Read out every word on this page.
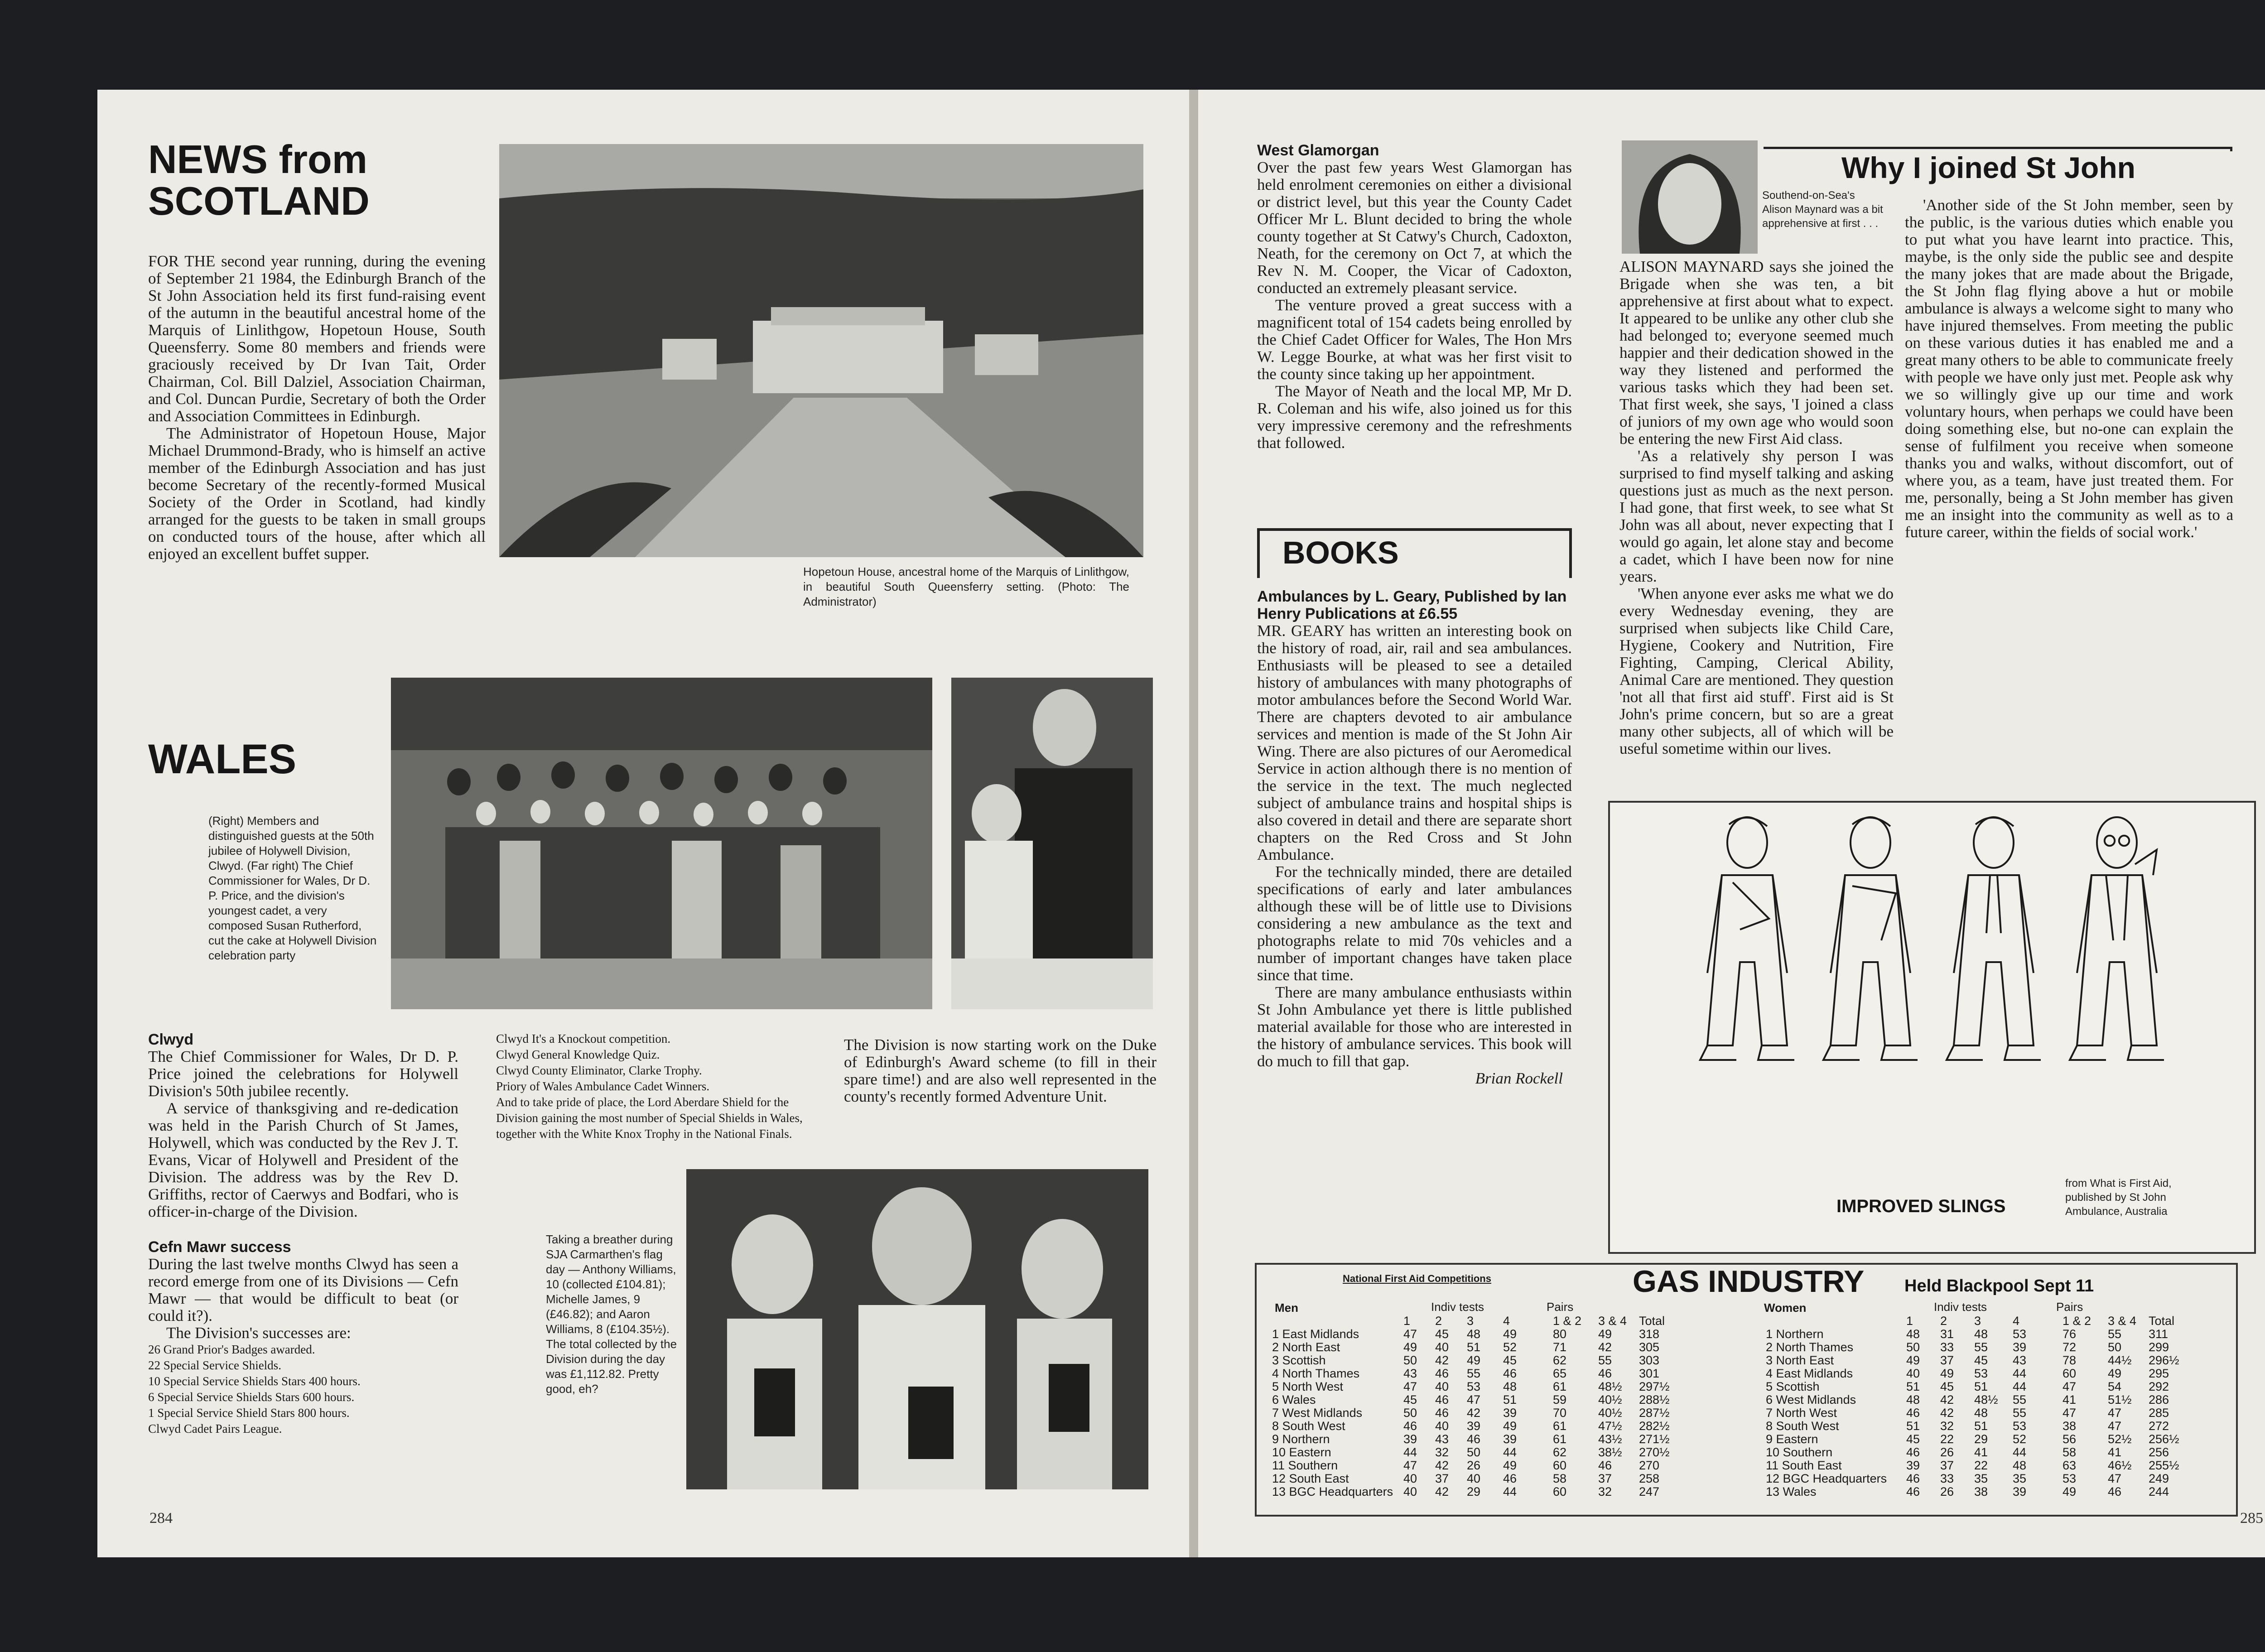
NEWS from
SCOTLAND

FOR THE second year running, during the evening of September 21 1984, the Edinburgh Branch of the St John Association held its first fund-raising event of the autumn in the beautiful ancestral home of the Marquis of Linlithgow, Hopetoun House, South Queensferry. Some 80 members and friends were graciously received by Dr Ivan Tait, Order Chairman, Col. Bill Dalziel, Association Chairman, and Col. Duncan Purdie, Secretary of both the Order and Association Committees in Edinburgh.

The Administrator of Hopetoun House, Major Michael Drummond-Brady, who is himself an active member of the Edinburgh Association and has just become Secretary of the recently-formed Musical Society of the Order in Scotland, had kindly arranged for the guests to be taken in small groups on conducted tours of the house, after which all enjoyed an excellent buffet supper.

Hopetoun House, ancestral home of the Marquis of Linlithgow, in beautiful South Queensferry setting. (Photo: The Administrator)
WALES
(Right) Members and distinguished guests at the 50th jubilee of Holywell Division, Clwyd. (Far right) The Chief Commissioner for Wales, Dr D. P. Price, and the division's youngest cadet, a very composed Susan Rutherford, cut the cake at Holywell Division celebration party
Clwyd

The Chief Commissioner for Wales, Dr D. P. Price joined the celebrations for Holywell Division's 50th jubilee recently.

A service of thanksgiving and re-dedication was held in the Parish Church of St James, Holywell, which was conducted by the Rev J. T. Evans, Vicar of Holywell and President of the Division. The address was by the Rev D. Griffiths, rector of Caerwys and Bodfari, who is officer-in-charge of the Division.

Cefn Mawr success

During the last twelve months Clwyd has seen a record emerge from one of its Divisions — Cefn Mawr — that would be difficult to beat (or could it?).

The Division's successes are:

26 Grand Prior's Badges awarded.
22 Special Service Shields.
10 Special Service Shields Stars 400 hours.
6 Special Service Shields Stars 600 hours.
1 Special Service Shield Stars 800 hours.
Clwyd Cadet Pairs League.
Clwyd It's a Knockout competition.
Clwyd General Knowledge Quiz.
Clwyd County Eliminator, Clarke Trophy.
Priory of Wales Ambulance Cadet Winners.
And to take pride of place, the Lord Aberdare Shield for the Division gaining the most number of Special Shields in Wales, together with the White Knox Trophy in the National Finals.

The Division is now starting work on the Duke of Edinburgh's Award scheme (to fill in their spare time!) and are also well represented in the county's recently formed Adventure Unit.

Taking a breather during SJA Carmarthen's flag day — Anthony Williams, 10 (collected £104.81); Michelle James, 9 (£46.82); and Aaron Williams, 8 (£104.35½). The total collected by the Division during the day was £1,112.82. Pretty good, eh?
284
West Glamorgan

Over the past few years West Glamorgan has held enrolment ceremonies on either a divisional or district level, but this year the County Cadet Officer Mr L. Blunt decided to bring the whole county together at St Catwy's Church, Cadoxton, Neath, for the ceremony on Oct 7, at which the Rev N. M. Cooper, the Vicar of Cadoxton, conducted an extremely pleasant service.

The venture proved a great success with a magnificent total of 154 cadets being enrolled by the Chief Cadet Officer for Wales, The Hon Mrs W. Legge Bourke, at what was her first visit to the county since taking up her appointment.

The Mayor of Neath and the local MP, Mr D. R. Coleman and his wife, also joined us for this very impressive ceremony and the refreshments that followed.

BOOKS
Ambulances by L. Geary, Published by Ian Henry Publications at £6.55

MR. GEARY has written an interesting book on the history of road, air, rail and sea ambulances. Enthusiasts will be pleased to see a detailed history of ambulances with many photographs of motor ambulances before the Second World War. There are chapters devoted to air ambulance services and mention is made of the St John Air Wing. There are also pictures of our Aeromedical Service in action although there is no mention of the service in the text. The much neglected subject of ambulance trains and hospital ships is also covered in detail and there are separate short chapters on the Red Cross and St John Ambulance.

For the technically minded, there are detailed specifications of early and later ambulances although these will be of little use to Divisions considering a new ambulance as the text and photographs relate to mid 70s vehicles and a number of important changes have taken place since that time.

There are many ambulance enthusiasts within St John Ambulance yet there is little published material available for those who are interested in the history of ambulance services. This book will do much to fill that gap.

Brian Rockell
Why I joined St John
Southend-on-Sea's Alison Maynard was a bit apprehensive at first . . .

ALISON MAYNARD says she joined the Brigade when she was ten, a bit apprehensive at first about what to expect. It appeared to be unlike any other club she had belonged to; everyone seemed much happier and their dedication showed in the way they listened and performed the various tasks which they had been set. That first week, she says, 'I joined a class of juniors of my own age who would soon be entering the new First Aid class.

'As a relatively shy person I was surprised to find myself talking and asking questions just as much as the next person. I had gone, that first week, to see what St John was all about, never expecting that I would go again, let alone stay and become a cadet, which I have been now for nine years.

'When anyone ever asks me what we do every Wednesday evening, they are surprised when subjects like Child Care, Hygiene, Cookery and Nutrition, Fire Fighting, Camping, Clerical Ability, Animal Care are mentioned. They question 'not all that first aid stuff'. First aid is St John's prime concern, but so are a great many other subjects, all of which will be useful sometime within our lives.

'Another side of the St John member, seen by the public, is the various duties which enable you to put what you have learnt into practice. This, maybe, is the only side the public see and despite the many jokes that are made about the Brigade, the St John flag flying above a hut or mobile ambulance is always a welcome sight to many who have injured themselves. From meeting the public on these various duties it has enabled me and a great many others to be able to communicate freely with people we have only just met. People ask why we so willingly give up our time and work voluntary hours, when perhaps we could have been doing something else, but no-one can explain the sense of fulfilment you receive when someone thanks you and walks, without discomfort, out of where you, as a team, have just treated them. For me, personally, being a St John member has given me an insight into the community as well as to a future career, within the fields of social work.'

IMPROVED SLINGS
from What is First Aid, published by St John Ambulance, Australia
National First Aid Competitions	GAS INDUSTRY Held Blackpool Sept 11
Men	Indiv tests	Pairs	Women	Indiv tests	Pairs
	1	2	3	4	1 & 2	3 & 4	Total
1 East Midlands	47	45	48	49	80	49	318
2 North East	49	40	51	52	71	42	305
3 Scottish	50	42	49	45	62	55	303
4 North Thames	43	46	55	46	65	46	301
5 North West	47	40	53	48	61	48½	297½
6 Wales	45	46	47	51	59	40½	288½
7 West Midlands	50	46	42	39	70	40½	287½
8 South West	46	40	39	49	61	47½	282½
9 Northern	39	43	46	39	61	43½	271½
10 Eastern	44	32	50	44	62	38½	270½
11 Southern	47	42	26	49	60	46	270
12 South East	40	37	40	46	58	37	258
13 BGC Headquarters	40	42	29	44	60	32	247
	1	2	3	4	1 & 2	3 & 4	Total
1 Northern	48	31	48	53	76	55	311
2 North Thames	50	33	55	39	72	50	299
3 North East	49	37	45	43	78	44½	296½
4 East Midlands	40	49	53	44	60	49	295
5 Scottish	51	45	51	44	47	54	292
6 West Midlands	48	42	48½	55	41	51½	286
7 North West	46	42	48	55	47	47	285
8 South West	51	32	51	53	38	47	272
9 Eastern	45	22	29	52	56	52½	256½
10 Southern	46	26	41	44	58	41	256
11 South East	39	37	22	48	63	46½	255½
12 BGC Headquarters	46	33	35	35	53	47	249
13 Wales	46	26	38	39	49	46	244
285
